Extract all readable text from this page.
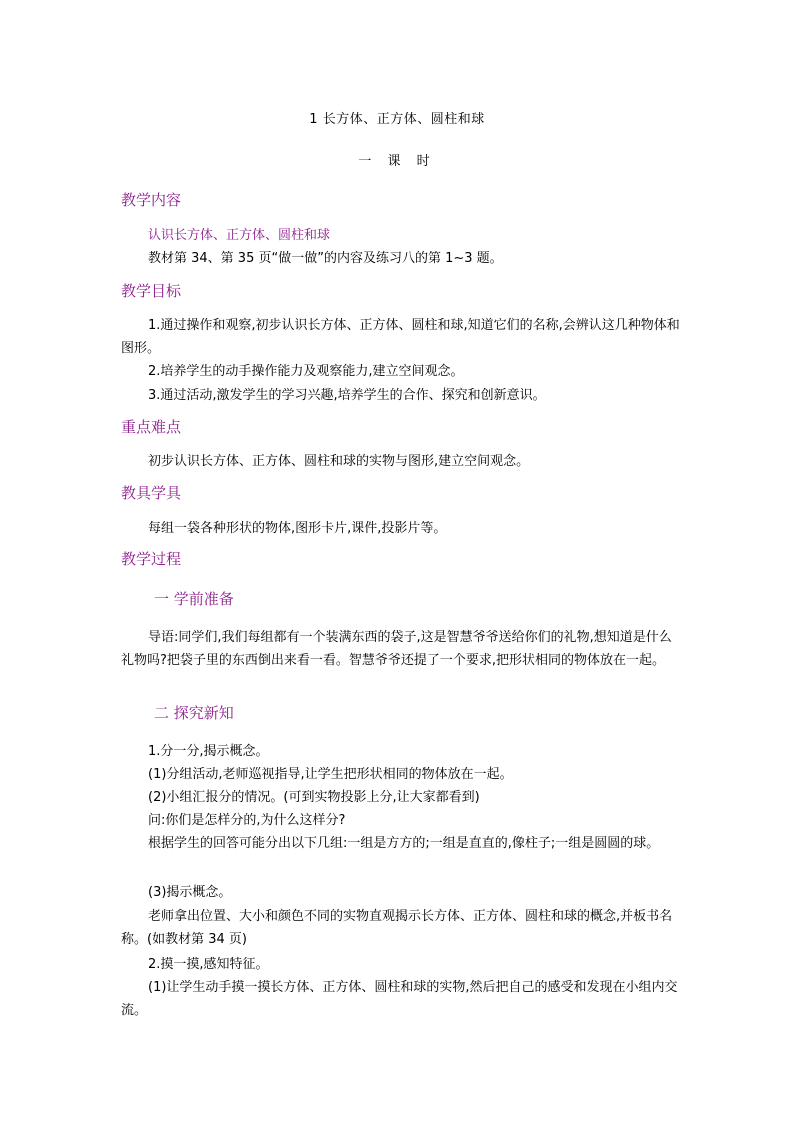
1 长方体、正方体、圆柱和球
一 课 时
教学内容
认识长方体、正方体、圆柱和球
教材第 34、第 35 页“做一做”的内容及练习八的第 1~3 题。
教学目标
1.通过操作和观察,初步认识长方体、正方体、圆柱和球,知道它们的名称,会辨认这几种物体和图形。
2.培养学生的动手操作能力及观察能力,建立空间观念。
3.通过活动,激发学生的学习兴趣,培养学生的合作、探究和创新意识。
重点难点
初步认识长方体、正方体、圆柱和球的实物与图形,建立空间观念。
教具学具
每组一袋各种形状的物体,图形卡片,课件,投影片等。
教学过程
一 学前准备
导语:同学们,我们每组都有一个装满东西的袋子,这是智慧爷爷送给你们的礼物,想知道是什么礼物吗?把袋子里的东西倒出来看一看。智慧爷爷还提了一个要求,把形状相同的物体放在一起。
二 探究新知
1.分一分,揭示概念。
(1)分组活动,老师巡视指导,让学生把形状相同的物体放在一起。
(2)小组汇报分的情况。(可到实物投影上分,让大家都看到)
问:你们是怎样分的,为什么这样分?
根据学生的回答可能分出以下几组:一组是方方的;一组是直直的,像柱子;一组是圆圆的球。
(3)揭示概念。
老师拿出位置、大小和颜色不同的实物直观揭示长方体、正方体、圆柱和球的概念,并板书名称。(如教材第 34 页)
2.摸一摸,感知特征。
(1)让学生动手摸一摸长方体、正方体、圆柱和球的实物,然后把自己的感受和发现在小组内交流。
